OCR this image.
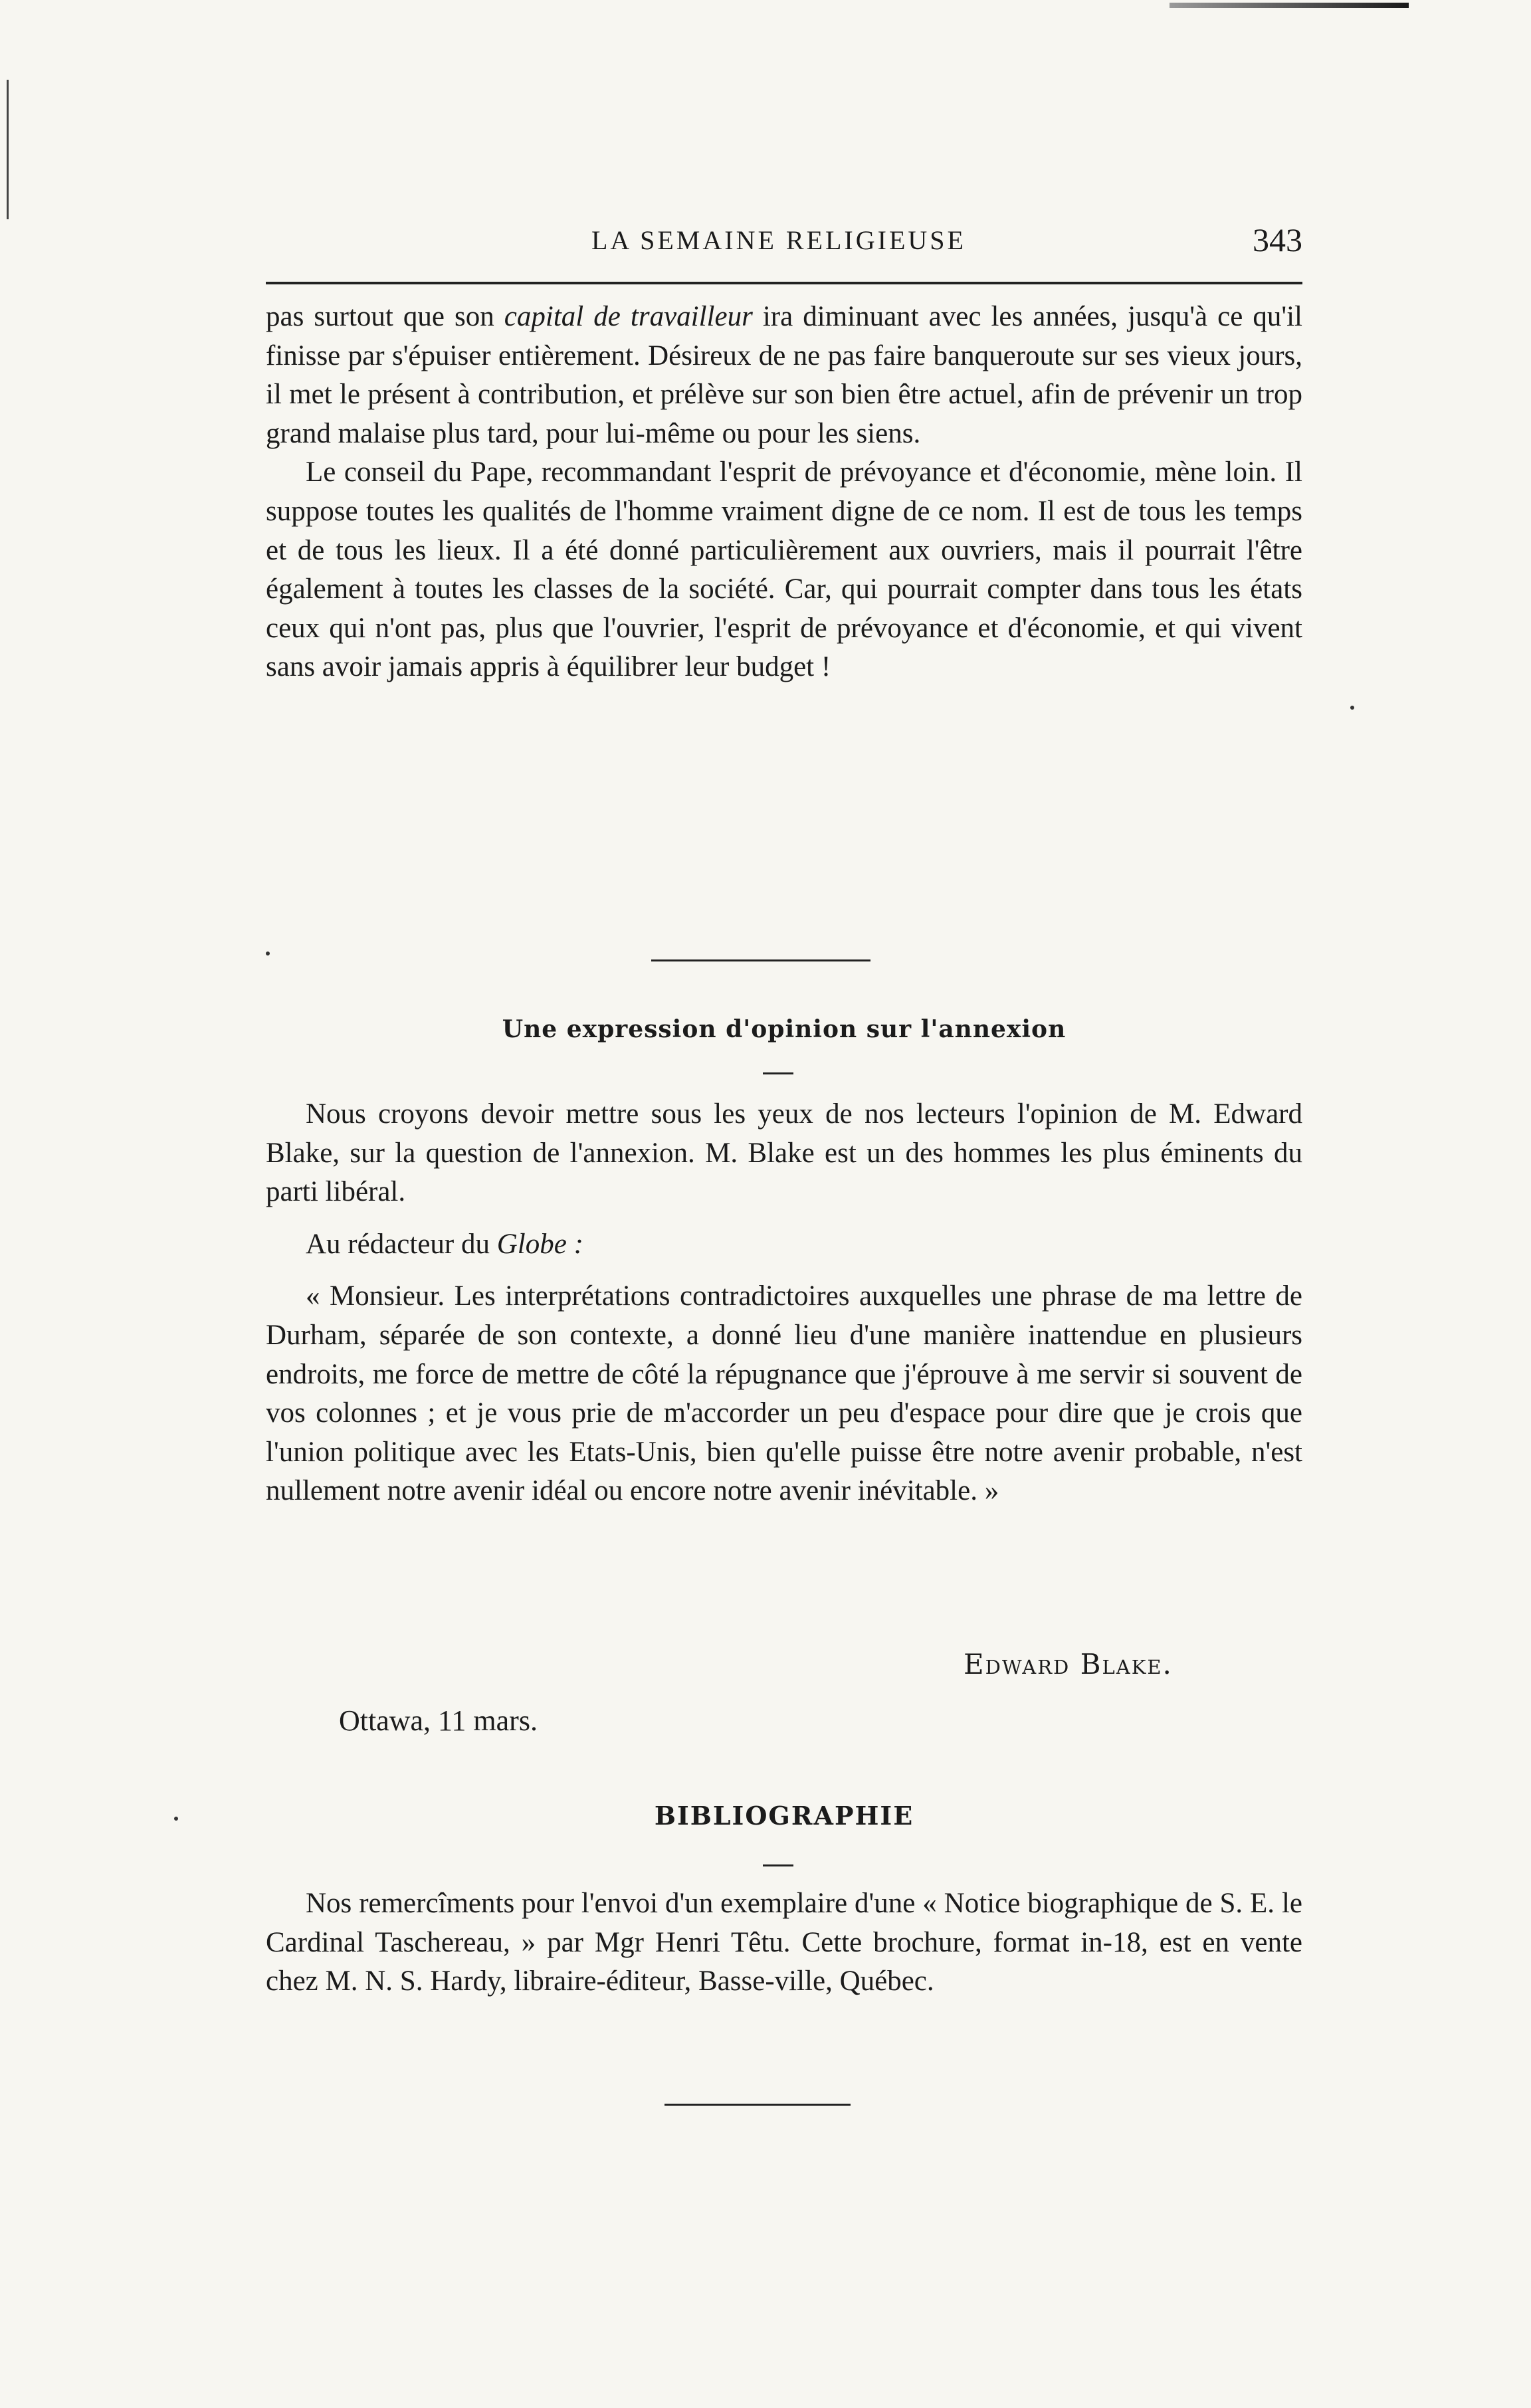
LA SEMAINE RELIGIEUSE	343

pas surtout que son capital de travailleur ira diminuant avec les années, jusqu'à ce qu'il finisse par s'épuiser entièrement. Désireux de ne pas faire banqueroute sur ses vieux jours, il met le présent à contribution, et prélève sur son bien être actuel, afin de prévenir un trop grand malaise plus tard, pour lui-même ou pour les siens.

Le conseil du Pape, recommandant l'esprit de prévoyance et d'économie, mène loin. Il suppose toutes les qualités de l'homme vraiment digne de ce nom. Il est de tous les temps et de tous les lieux. Il a été donné particulièrement aux ouvriers, mais il pourrait l'être également à toutes les classes de la société. Car, qui pourrait compter dans tous les états ceux qui n'ont pas, plus que l'ouvrier, l'esprit de prévoyance et d'économie, et qui vivent sans avoir jamais appris à équilibrer leur budget !

Une expression d'opinion sur l'annexion

Nous croyons devoir mettre sous les yeux de nos lecteurs l'opinion de M. Edward Blake, sur la question de l'annexion. M. Blake est un des hommes les plus éminents du parti libéral.

Au rédacteur du Globe :

« Monsieur. Les interprétations contradictoires auxquelles une phrase de ma lettre de Durham, séparée de son contexte, a donné lieu d'une manière inattendue en plusieurs endroits, me force de mettre de côté la répugnance que j'éprouve à me servir si souvent de vos colonnes ; et je vous prie de m'accorder un peu d'espace pour dire que je crois que l'union politique avec les Etats-Unis, bien qu'elle puisse être notre avenir probable, n'est nullement notre avenir idéal ou encore notre avenir inévitable. »

Edward Blake.
Ottawa, 11 mars.
BIBLIOGRAPHIE

Nos remercîments pour l'envoi d'un exemplaire d'une « Notice biographique de S. E. le Cardinal Taschereau, » par Mgr Henri Têtu. Cette brochure, format in-18, est en vente chez M. N. S. Hardy, libraire-éditeur, Basse-ville, Québec.
